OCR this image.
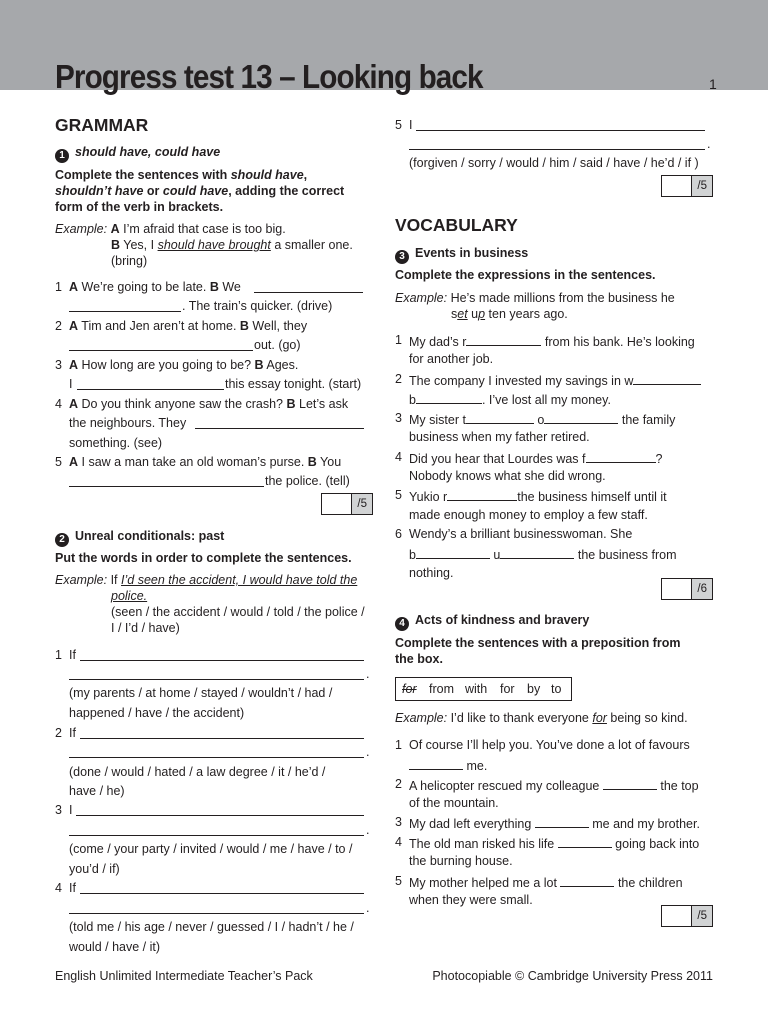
Progress test 13 – Looking back	1
GRAMMAR
1 should have, could have
Complete the sentences with should have,
shouldn’t have or could have, adding the correct
form of the verb in brackets.
Example: A I’m afraid that case is too big.
B Yes, I should have brought a smaller one.
(bring)
1 A We’re going to be late. B We
. The train’s quicker. (drive)
2 A Tim and Jen aren’t at home. B Well, they
out. (go)
3 A How long are you going to be? B Ages.
I	this essay tonight. (start)
4 A Do you think anyone saw the crash? B Let’s ask
the neighbours. They
something. (see)
5 A I saw a man take an old woman’s purse. B You
the police. (tell)
/5
2 Unreal conditionals: past
Put the words in order to complete the sentences.
Example: If I’d seen the accident, I would have told the
police.
(seen / the accident / would / told / the police /
I / I’d / have)
1 If
.
(my parents / at home / stayed / wouldn’t / had /
happened / have / the accident)
2 If
.
(done / would / hated / a law degree / it / he’d /
have / he)
3 I
.
(come / your party / invited / would / me / have / to /
you’d / if)
4 If
.
(told me / his age / never / guessed / I / hadn’t / he /
would / have / it)
5 I
.
(forgiven / sorry / would / him / said / have / he’d / if )
/5
VOCABULARY
3 Events in business
Complete the expressions in the sentences.
Example: He’s made millions from the business he
set up ten years ago.
1 My dad’s r	from his bank. He’s looking
for another job.
2 The company I invested my savings in w
b	. I’ve lost all my money.
3 My sister t	o	the family
business when my father retired.
4 Did you hear that Lourdes was f	?
Nobody knows what she did wrong.
5 Yukio r	the business himself until it
made enough money to employ a few staff.
6 Wendy’s a brilliant businesswoman. She
b	u	the business from
nothing.
/6
4 Acts of kindness and bravery
Complete the sentences with a preposition from
the box.
for from with for by to
Example: I’d like to thank everyone for being so kind.
1 Of course I’ll help you. You’ve done a lot of favours
me.
2 A helicopter rescued my colleague	the top
of the mountain.
3 My dad left everything	me and my brother.
4 The old man risked his life	going back into
the burning house.
5 My mother helped me a lot	the children
when they were small.
/5
English Unlimited Intermediate Teacher’s Pack	Photocopiable © Cambridge University Press 2011
